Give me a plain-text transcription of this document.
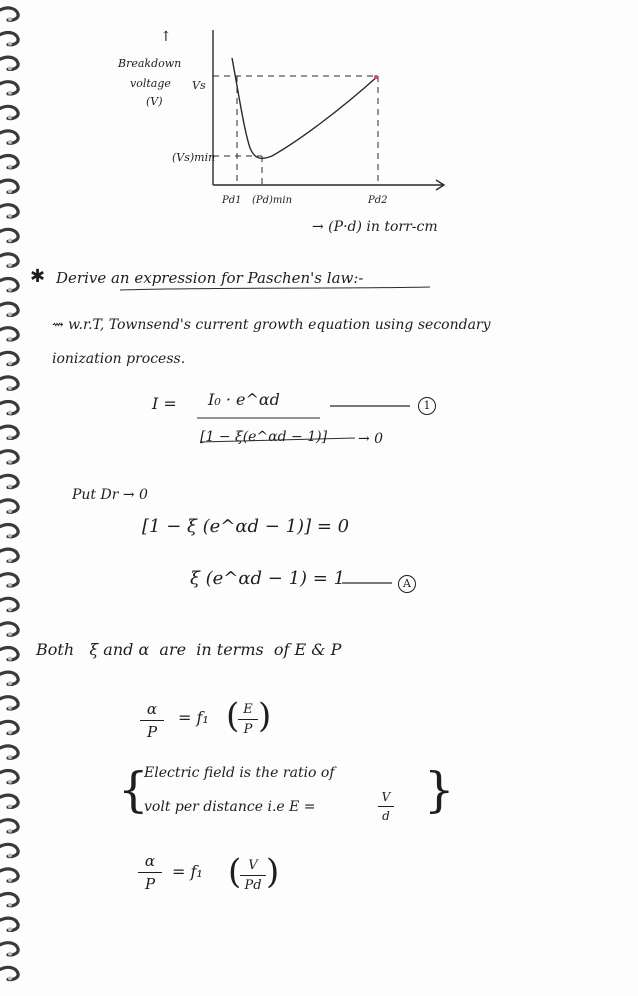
↑
Breakdown
voltage
(V)
Vs
(Vs)min
Pd1 (Pd)min	Pd2
→ (P·d) in torr-cm
✱ Derive an expression for Paschen's law:-
⇝ w.r.T, Townsend's current growth equation using secondary
ionization process.
I = I₀ · e^αd	1
[1 − ξ(e^αd − 1)] → 0
Put Dr → 0
[1 − ξ (e^αd − 1)] = 0
ξ (e^αd − 1) = 1	A
Both   ξ and α  are  in terms  of E & P
α
P
= f₁ ( E
P )
{
Electric field is the ratio of
volt per distance i.e E =
V
d }
α
P
= f₁ ( V
Pd )
